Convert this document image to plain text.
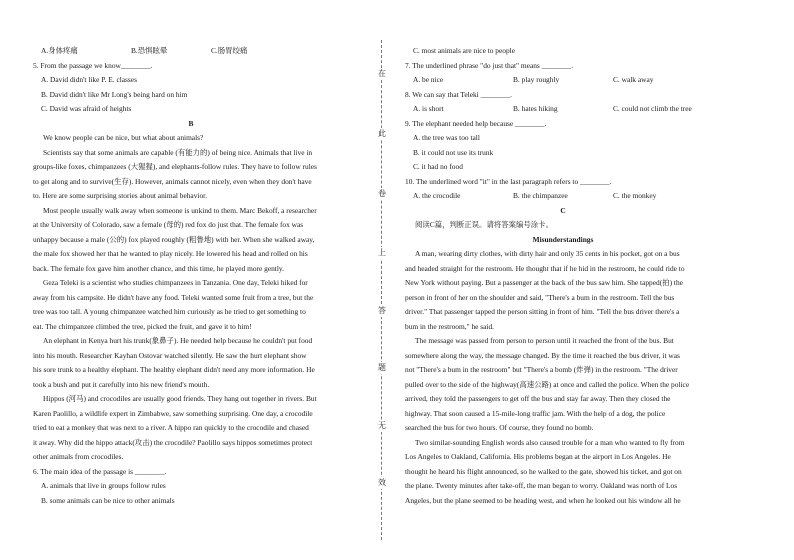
A.身体疼痛	B.恐惧眩晕	C.肠胃绞痛
5. From the passage we know________.
A. David didn't like P. E. classes
B. David didn't like Mr Long's being hard on him
C. David was afraid of heights
B
We know people can be nice, but what about animals?
Scientists say that some animals are capable (有能力的) of being nice. Animals that live in
groups-like foxes, chimpanzees (大猩猩), and elephants-follow rules. They have to follow rules
to get along and to survive(生存). However, animals cannot nicely, even when they don't have
to. Here are some surprising stories about animal behavior.
Most people usually walk away when someone is unkind to them. Marc Bekoff, a researcher
at the University of Colorado, saw a female (母的) red fox do just that. The female fox was
unhappy because a male (公的) fox played roughly (粗鲁地) with her. When she walked away,
the male fox showed her that he wanted to play nicely. He lowered his head and rolled on his
back. The female fox gave him another chance, and this time, he played more gently.
Geza Teleki is a scientist who studies chimpanzees in Tanzania. One day, Teleki hiked for
away from his campsite. He didn't have any food. Teleki wanted some fruit from a tree, but the
tree was too tall. A young chimpanzee watched him curiously as he tried to get something to
eat. The chimpanzee climbed the tree, picked the fruit, and gave it to him!
An elephant in Kenya hurt his trunk(象鼻子). He needed help because he couldn't put food
into his mouth. Researcher Kayhan Ostovar watched silently. He saw the hurt elephant show
his sore trunk to a healthy elephant. The healthy elephant didn't need any more information. He
took a bush and put it carefully into his new friend's mouth.
Hippos (河马) and crocodiles are usually good friends. They hang out together in rivers. But
Karen Paolillo, a wildlife expert in Zimbabwe, saw something surprising. One day, a crocodile
tried to eat a monkey that was next to a river. A hippo ran quickly to the crocodile and chased
it away. Why did the hippo attack(攻击) the crocodile? Paolillo says hippos sometimes protect
other animals from crocodiles.
6. The main idea of the passage is ________.
A. animals that live in groups follow rules
B. some animals can be nice to other animals
在
此
卷
上
答
题
无
效
C. most animals are nice to people
7. The underlined phrase "do just that" means ________.
A. be nice	B. play roughly	C. walk away
8. We can say that Teleki ________.
A. is short	B. hates hiking	C. could not climb the tree
9. The elephant needed help because ________.
A. the tree was too tall
B. it could not use its trunk
C. it had no food
10. The underlined word "it" in the last paragraph refers to ________.
A. the crocodile	B. the chimpanzee	C. the monkey
C
阅读C篇，判断正误。请将答案编号涂卡。
Misunderstandings
A man, wearing dirty clothes, with dirty hair and only 35 cents in his pocket, got on a bus
and headed straight for the restroom. He thought that if he hid in the restroom, he could ride to
New York without paying. But a passenger at the back of the bus saw him. She tapped(拍) the
person in front of her on the shoulder and said, "There's a bum in the restroom. Tell the bus
driver." That passenger tapped the person sitting in front of him. "Tell the bus driver there's a
bum in the restroom," he said.
The message was passed from person to person until it reached the front of the bus. But
somewhere along the way, the message changed. By the time it reached the bus driver, it was
not "There's a bum in the restroom" but "There's a bomb (炸弹) in the restroom. "The driver
pulled over to the side of the highway(高速公路) at once and called the police. When the police
arrived, they told the passengers to get off the bus and stay far away. Then they closed the
highway. That soon caused a 15-mile-long traffic jam. With the help of a dog, the police
searched the bus for two hours. Of course, they found no bomb.
Two similar-sounding English words also caused trouble for a man who wanted to fly from
Los Angeles to Oakland, California. His problems began at the airport in Los Angeles. He
thought he heard his flight announced, so he walked to the gate, showed his ticket, and got on
the plane. Twenty minutes after take-off, the man began to worry. Oakland was north of Los
Angeles, but the plane seemed to be heading west, and when he looked out his window all he
